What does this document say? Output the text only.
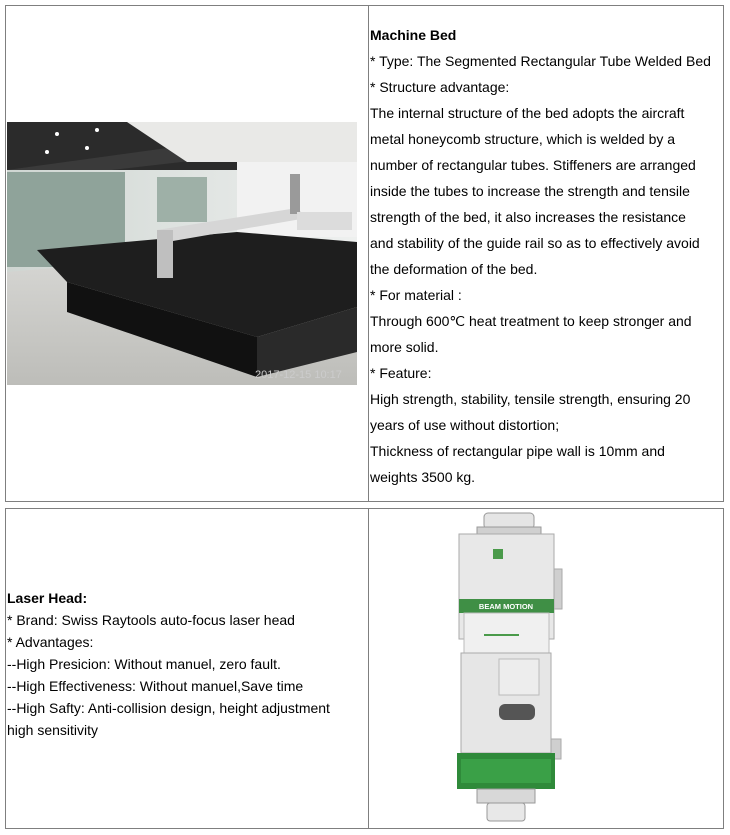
2017-12-15 10:17
Machine Bed
* Type: The Segmented Rectangular Tube Welded Bed
* Structure advantage:
The internal structure of the bed adopts the aircraft
metal honeycomb structure, which is welded by a
number of rectangular tubes. Stiffeners are arranged
inside the tubes to increase the strength and tensile
strength of the bed, it also increases the resistance
and stability of the guide rail so as to effectively avoid
the deformation of the bed.
* For material :
Through 600℃ heat treatment to keep stronger and
more solid.
* Feature:
High strength, stability, tensile strength, ensuring 20
years of use without distortion;
Thickness of rectangular pipe wall is 10mm and
weights 3500 kg.
Laser Head:
* Brand: Swiss Raytools auto-focus laser head
* Advantages:
--High Presicion: Without manuel, zero fault.
--High Effectiveness: Without manuel,Save time
--High Safty: Anti-collision design, height adjustment
high sensitivity
BEAM MOTION
